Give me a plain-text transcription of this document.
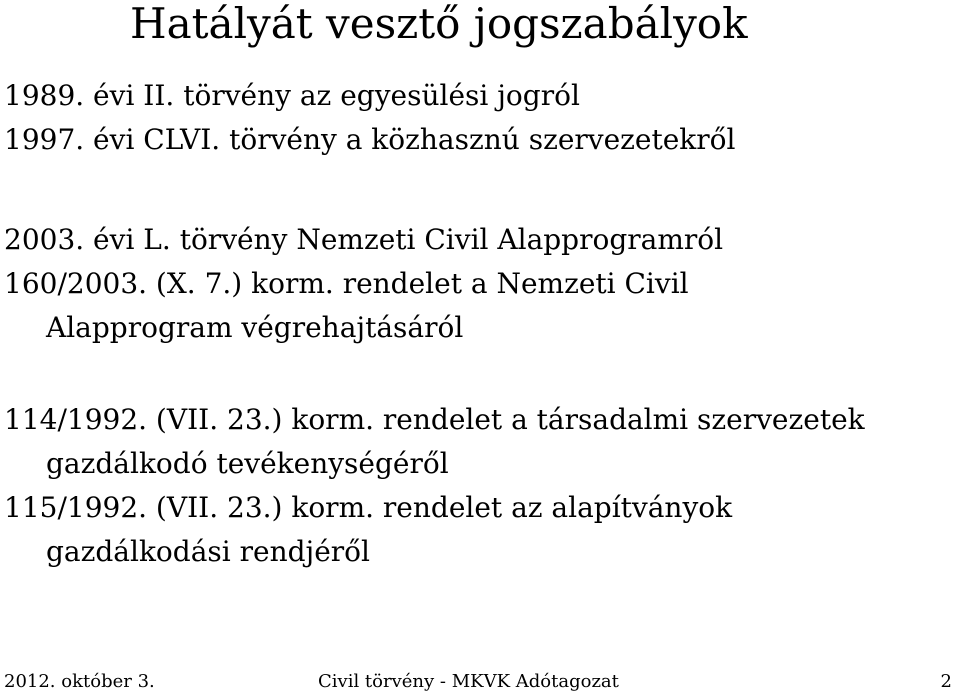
Hatályát vesztő jogszabályok
1989. évi II. törvény az egyesülési jogról
1997. évi CLVI. törvény a közhasznú szervezetekről
2003. évi L. törvény Nemzeti Civil Alapprogramról
160/2003. (X. 7.) korm. rendelet a Nemzeti Civil
Alapprogram végrehajtásáról
114/1992. (VII. 23.) korm. rendelet a társadalmi szervezetek
gazdálkodó tevékenységéről
115/1992. (VII. 23.) korm. rendelet az alapítványok
gazdálkodási rendjéről
2012. október 3.	Civil törvény - MKVK Adótagozat	2
